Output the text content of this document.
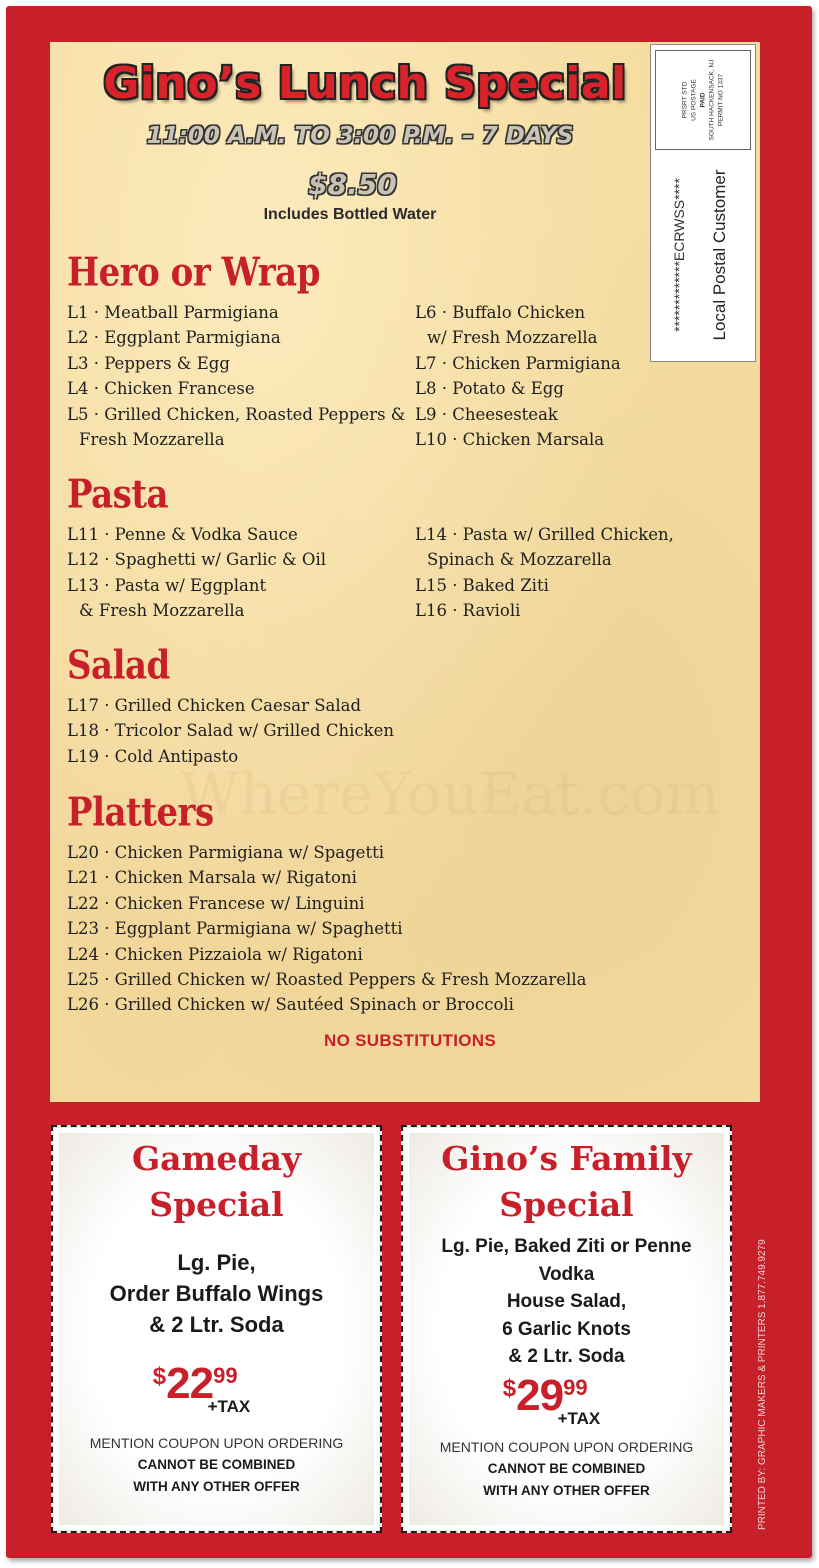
WhereYouEat.com
Gino’s Lunch Special
11:00 A.M. TO 3:00 P.M. – 7 DAYS
$8.50
Includes Bottled Water
PRSRT STD US POSTAGE PAID SOUTH HACKENSACK, NJ PERMIT NO 1337
*************ECRWSS**** Local Postal Customer
Hero or Wrap
L1 · Meatball Parmigiana
L2 · Eggplant Parmigiana
L3 · Peppers & Egg
L4 · Chicken Francese
L5 · Grilled Chicken, Roasted Peppers &
Fresh Mozzarella
L6 · Buffalo Chicken
w/ Fresh Mozzarella
L7 · Chicken Parmigiana
L8 · Potato & Egg
L9 · Cheesesteak
L10 · Chicken Marsala
Pasta
L11 · Penne & Vodka Sauce
L12 · Spaghetti w/ Garlic & Oil
L13 · Pasta w/ Eggplant
& Fresh Mozzarella
L14 · Pasta w/ Grilled Chicken,
Spinach & Mozzarella
L15 · Baked Ziti
L16 · Ravioli
Salad
L17 · Grilled Chicken Caesar Salad
L18 · Tricolor Salad w/ Grilled Chicken
L19 · Cold Antipasto
Platters
L20 · Chicken Parmigiana w/ Spagetti
L21 · Chicken Marsala w/ Rigatoni
L22 · Chicken Francese w/ Linguini
L23 · Eggplant Parmigiana w/ Spaghetti
L24 · Chicken Pizzaiola w/ Rigatoni
L25 · Grilled Chicken w/ Roasted Peppers & Fresh Mozzarella
L26 · Grilled Chicken w/ Sautéed Spinach or Broccoli
NO SUBSTITUTIONS
Gameday
Special
Lg. Pie,
Order Buffalo Wings
& 2 Ltr. Soda
$2299+TAX
MENTION COUPON UPON ORDERING
CANNOT BE COMBINED
WITH ANY OTHER OFFER
Gino’s Family
Special
Lg. Pie, Baked Ziti or Penne
Vodka
House Salad,
6 Garlic Knots
& 2 Ltr. Soda
$2999+TAX
MENTION COUPON UPON ORDERING
CANNOT BE COMBINED
WITH ANY OTHER OFFER	PRINTED BY: GRAPHIC MAKERS & PRINTERS 1.877.749.9279
